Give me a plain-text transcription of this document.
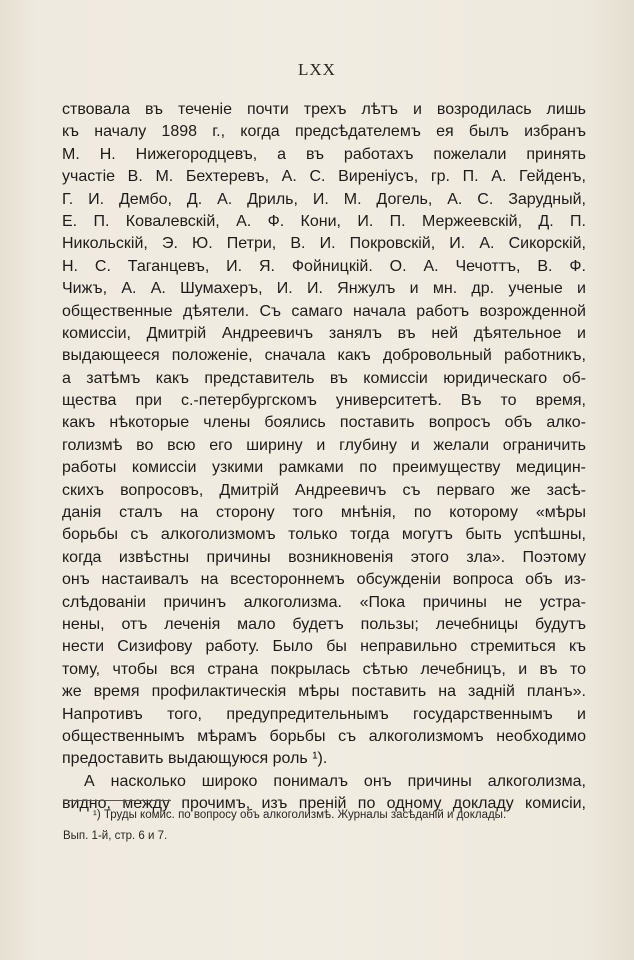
LXX
ствовала въ теченіе почти трехъ лѣтъ и возродилась лишь
къ началу 1898 г., когда предсѣдателемъ ея былъ избранъ
М. Н. Нижегородцевъ, а въ работахъ пожелали принять
участіе В. М. Бехтеревъ, А. С. Виреніусъ, гр. П. А. Гейденъ,
Г. И. Дембо, Д. А. Дриль, И. М. Догель, А. С. Зарудный,
Е. П. Ковалевскій, А. Ф. Кони, И. П. Мержеевскій, Д. П.
Никольскій, Э. Ю. Петри, В. И. Покровскій, И. А. Сикорскій,
Н. С. Таганцевъ, И. Я. Фойницкій. О. А. Чечоттъ, В. Ф.
Чижъ, А. А. Шумахеръ, И. И. Янжулъ и мн. др. ученые и
общественные дѣятели. Съ самаго начала работъ возрожденной
комиссіи, Дмитрій Андреевичъ занялъ въ ней дѣятельное и
выдающееся положеніе, сначала какъ добровольный работникъ,
а затѣмъ какъ представитель въ комиссіи юридическаго об-
щества при с.-петербургскомъ университетѣ. Въ то время,
какъ нѣкоторые члены боялись поставить вопросъ объ алко-
голизмѣ во всю его ширину и глубину и желали ограничить
работы комиссіи узкими рамками по преимуществу медицин-
скихъ вопросовъ, Дмитрій Андреевичъ съ перваго же засѣ-
данія сталъ на сторону того мнѣнія, по которому «мѣры
борьбы съ алкоголизмомъ только тогда могутъ быть успѣшны,
когда извѣстны причины возникновенія этого зла». Поэтому
онъ настаивалъ на всестороннемъ обсужденіи вопроса объ из-
слѣдованіи причинъ алкоголизма. «Пока причины не устра-
нены, отъ леченія мало будетъ пользы; лечебницы будутъ
нести Сизифову работу. Было бы неправильно стремиться къ
тому, чтобы вся страна покрылась сѣтью лечебницъ, и въ то
же время профилактическія мѣры поставить на задній планъ».
Напротивъ того, предупредительнымъ государственнымъ и
общественнымъ мѣрамъ борьбы съ алкоголизмомъ необходимо
предоставить выдающуюся роль ¹).
А насколько широко понималъ онъ причины алкоголизма,
видно, между прочимъ, изъ преній по одному докладу комисіи,
¹) Труды комис. по вопросу объ алкоголизмѣ. Журналы засѣданій и доклады.
Вып. 1-й, стр. 6 и 7.
